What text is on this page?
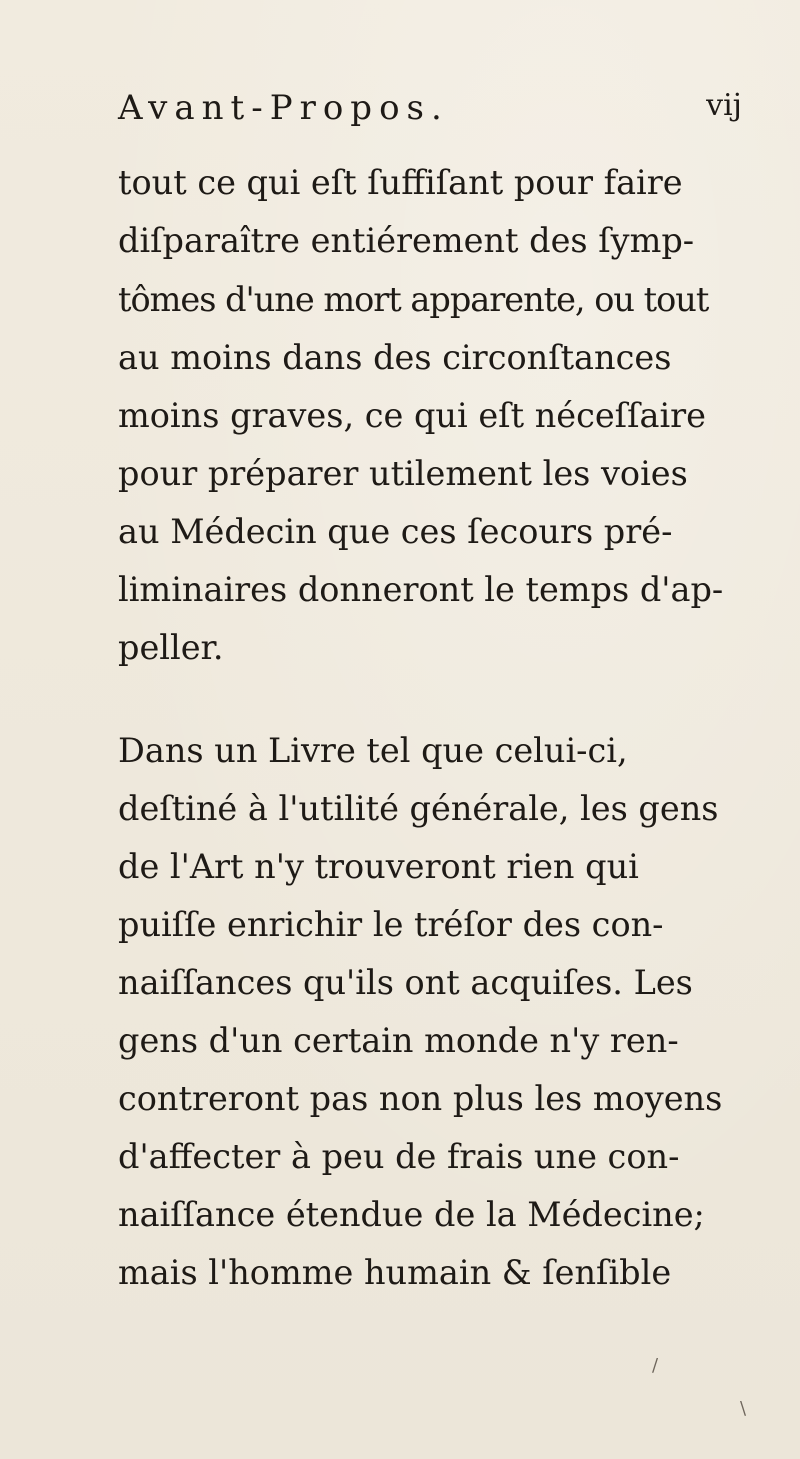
Avant-Propos.	vij
tout ce qui eſt ſuffiſant pour faire
diſparaître entiérement des ſymp-
tômes d'une mort apparente, ou tout
au moins dans des circonſtances
moins graves, ce qui eſt néceſſaire
pour préparer utilement les voies
au Médecin que ces ſecours pré-
liminaires donneront le temps d'ap-
peller.
Dans un Livre tel que celui-ci,
deſtiné à l'utilité générale, les gens
de l'Art n'y trouveront rien qui
puiſſe enrichir le tréſor des con-
naiſſances qu'ils ont acquiſes. Les
gens d'un certain monde n'y ren-
contreront pas non plus les moyens
d'affecter à peu de frais une con-
naiſſance étendue de la Médecine;
mais l'homme humain & ſenſible
/
\
